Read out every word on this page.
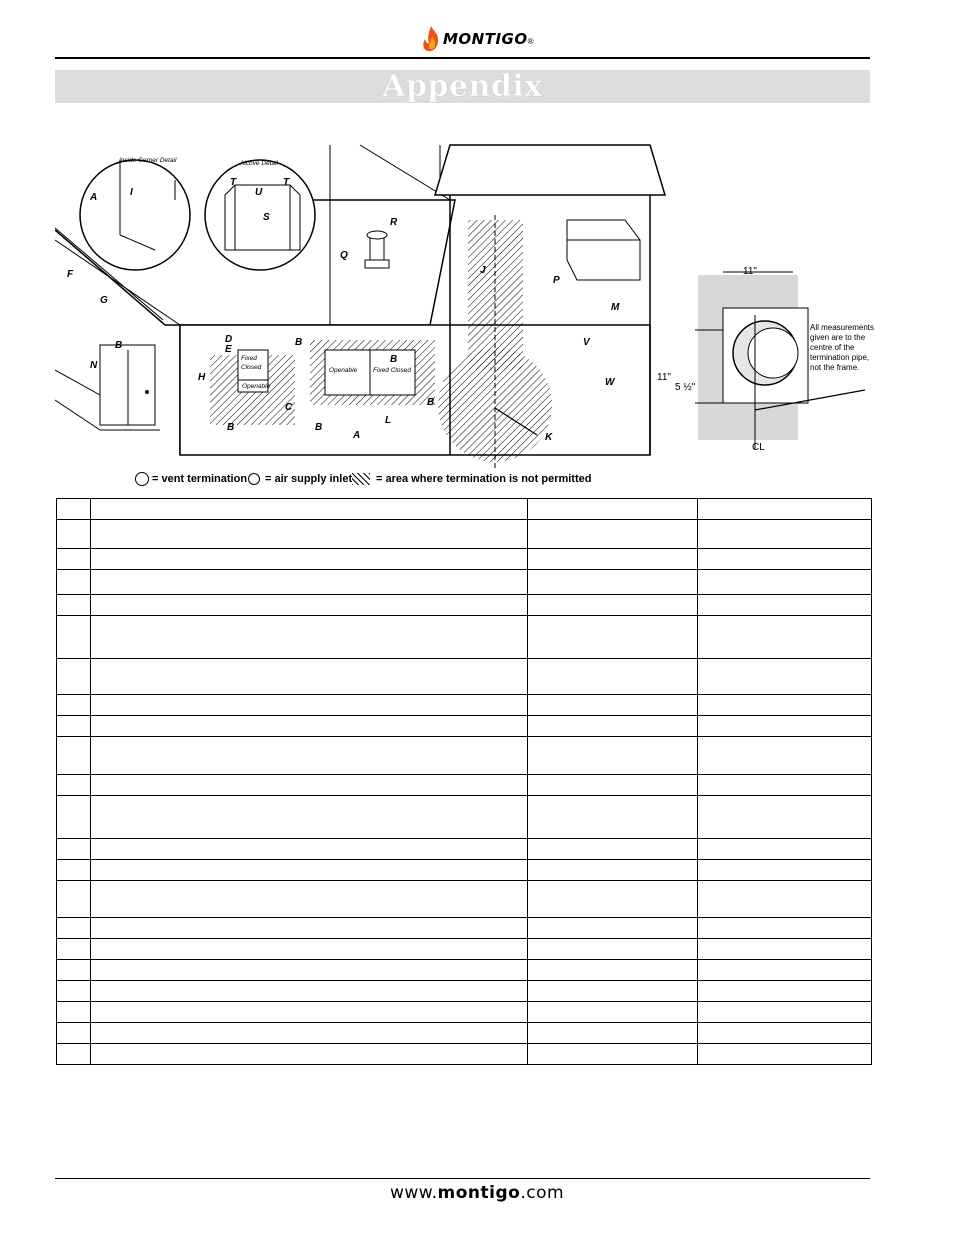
MONTIGO ®
Appendix
A	I
T
U
T
S	R
Q
F
G
B
N
D
E
B
H
C
B	B
B
B
A
L
J
P
M
V
W
K
Inside Corner Detail	Alcove Detail
Fixed
Closed
Openable
Openable Fixed Closed
11"
11"
5 ½"
CL
All measurements
given are to the
centre of the
termination pipe,
not the frame.
= vent termination = air supply inlet = area where termination is not permitted

www.montigo.com
